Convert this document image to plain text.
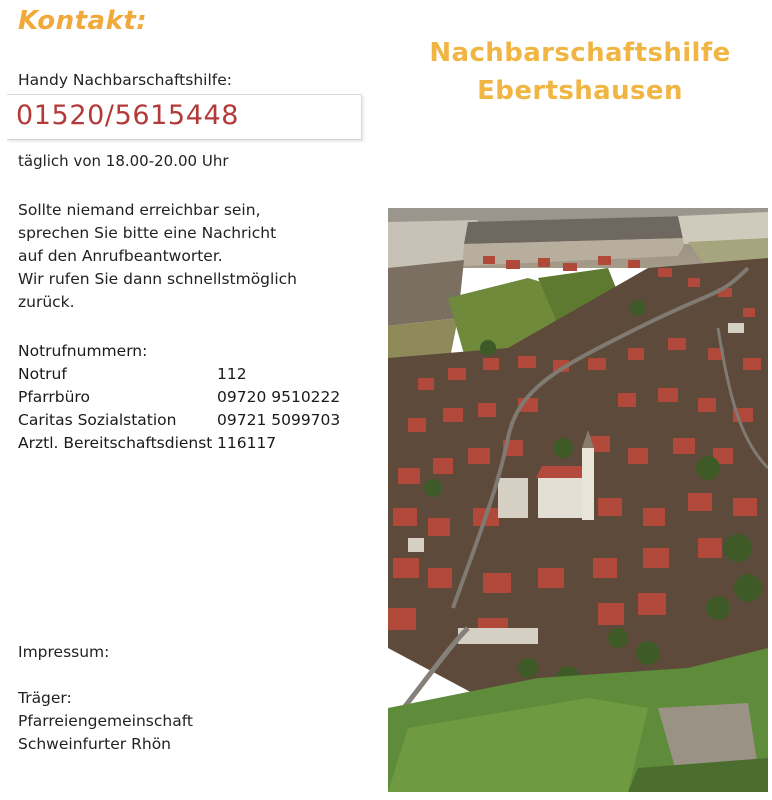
Kontakt:
Handy Nachbarschaftshilfe:
01520/5615448
täglich von 18.00-20.00 Uhr
Sollte niemand erreichbar sein,
sprechen Sie bitte eine Nachricht
auf den Anrufbeantworter.
Wir rufen Sie dann schnellstmöglich
zurück.
Notrufnummern:
Notruf	112
Pfarrbüro	09720 9510222
Caritas Sozialstation	09721 5099703
Arztl. Bereitschaftsdienst 116117
Impressum:
Träger:
Pfarreiengemeinschaft
Schweinfurter Rhön
Nachbarschaftshilfe
Ebertshausen
